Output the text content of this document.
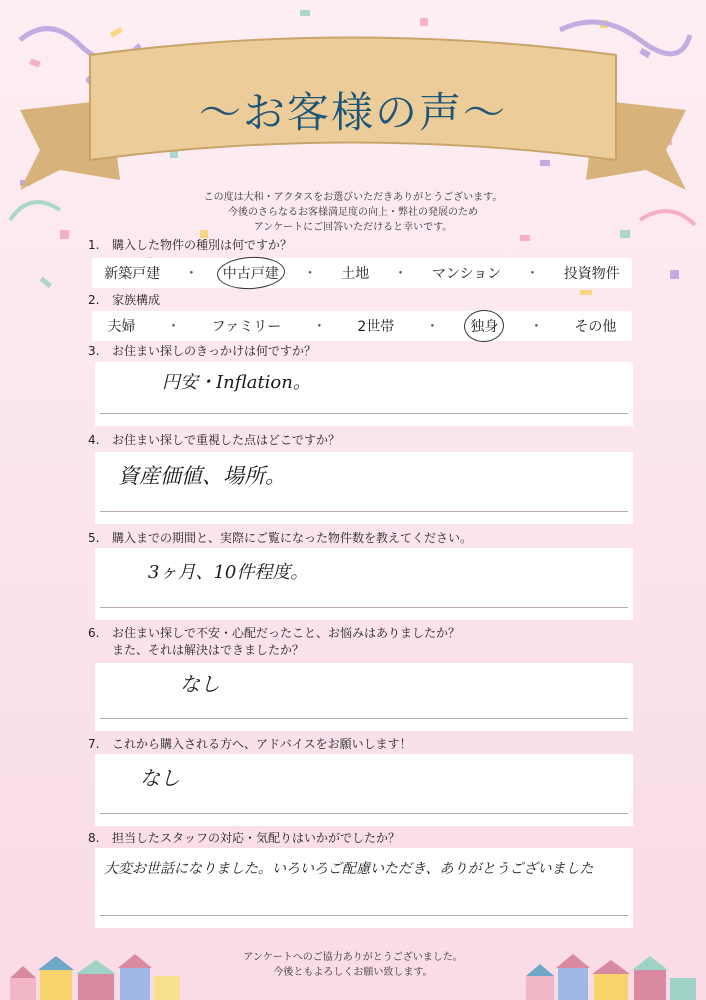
〜お客様の声〜
この度は大和・アクタスをお選びいただきありがとうございます。
今後のさらなるお客様満足度の向上・弊社の発展のため
アンケートにご回答いただけると幸いです。
1. 購入した物件の種別は何ですか？
新築戸建 ・ 中古戸建 ・ 土地 ・ マンション ・ 投資物件
2. 家族構成
夫婦 ・ ファミリー ・ 2世帯 ・ 独身 ・ その他
3. お住まい探しのきっかけは何ですか？
円安・Inflation。
4. お住まい探しで重視した点はどこですか？
資産価値、場所。
5. 購入までの期間と、実際にご覧になった物件数を教えてください。
3ヶ月、10件程度。
6. お住まい探しで不安・心配だったこと、お悩みはありましたか？
また、それは解決はできましたか？
なし
7. これから購入される方へ、アドバイスをお願いします！
なし
8. 担当したスタッフの対応・気配りはいかがでしたか？
大変お世話になりました。いろいろご配慮いただき、ありがとうございました
アンケートへのご協力ありがとうございました。
今後ともよろしくお願い致します。
